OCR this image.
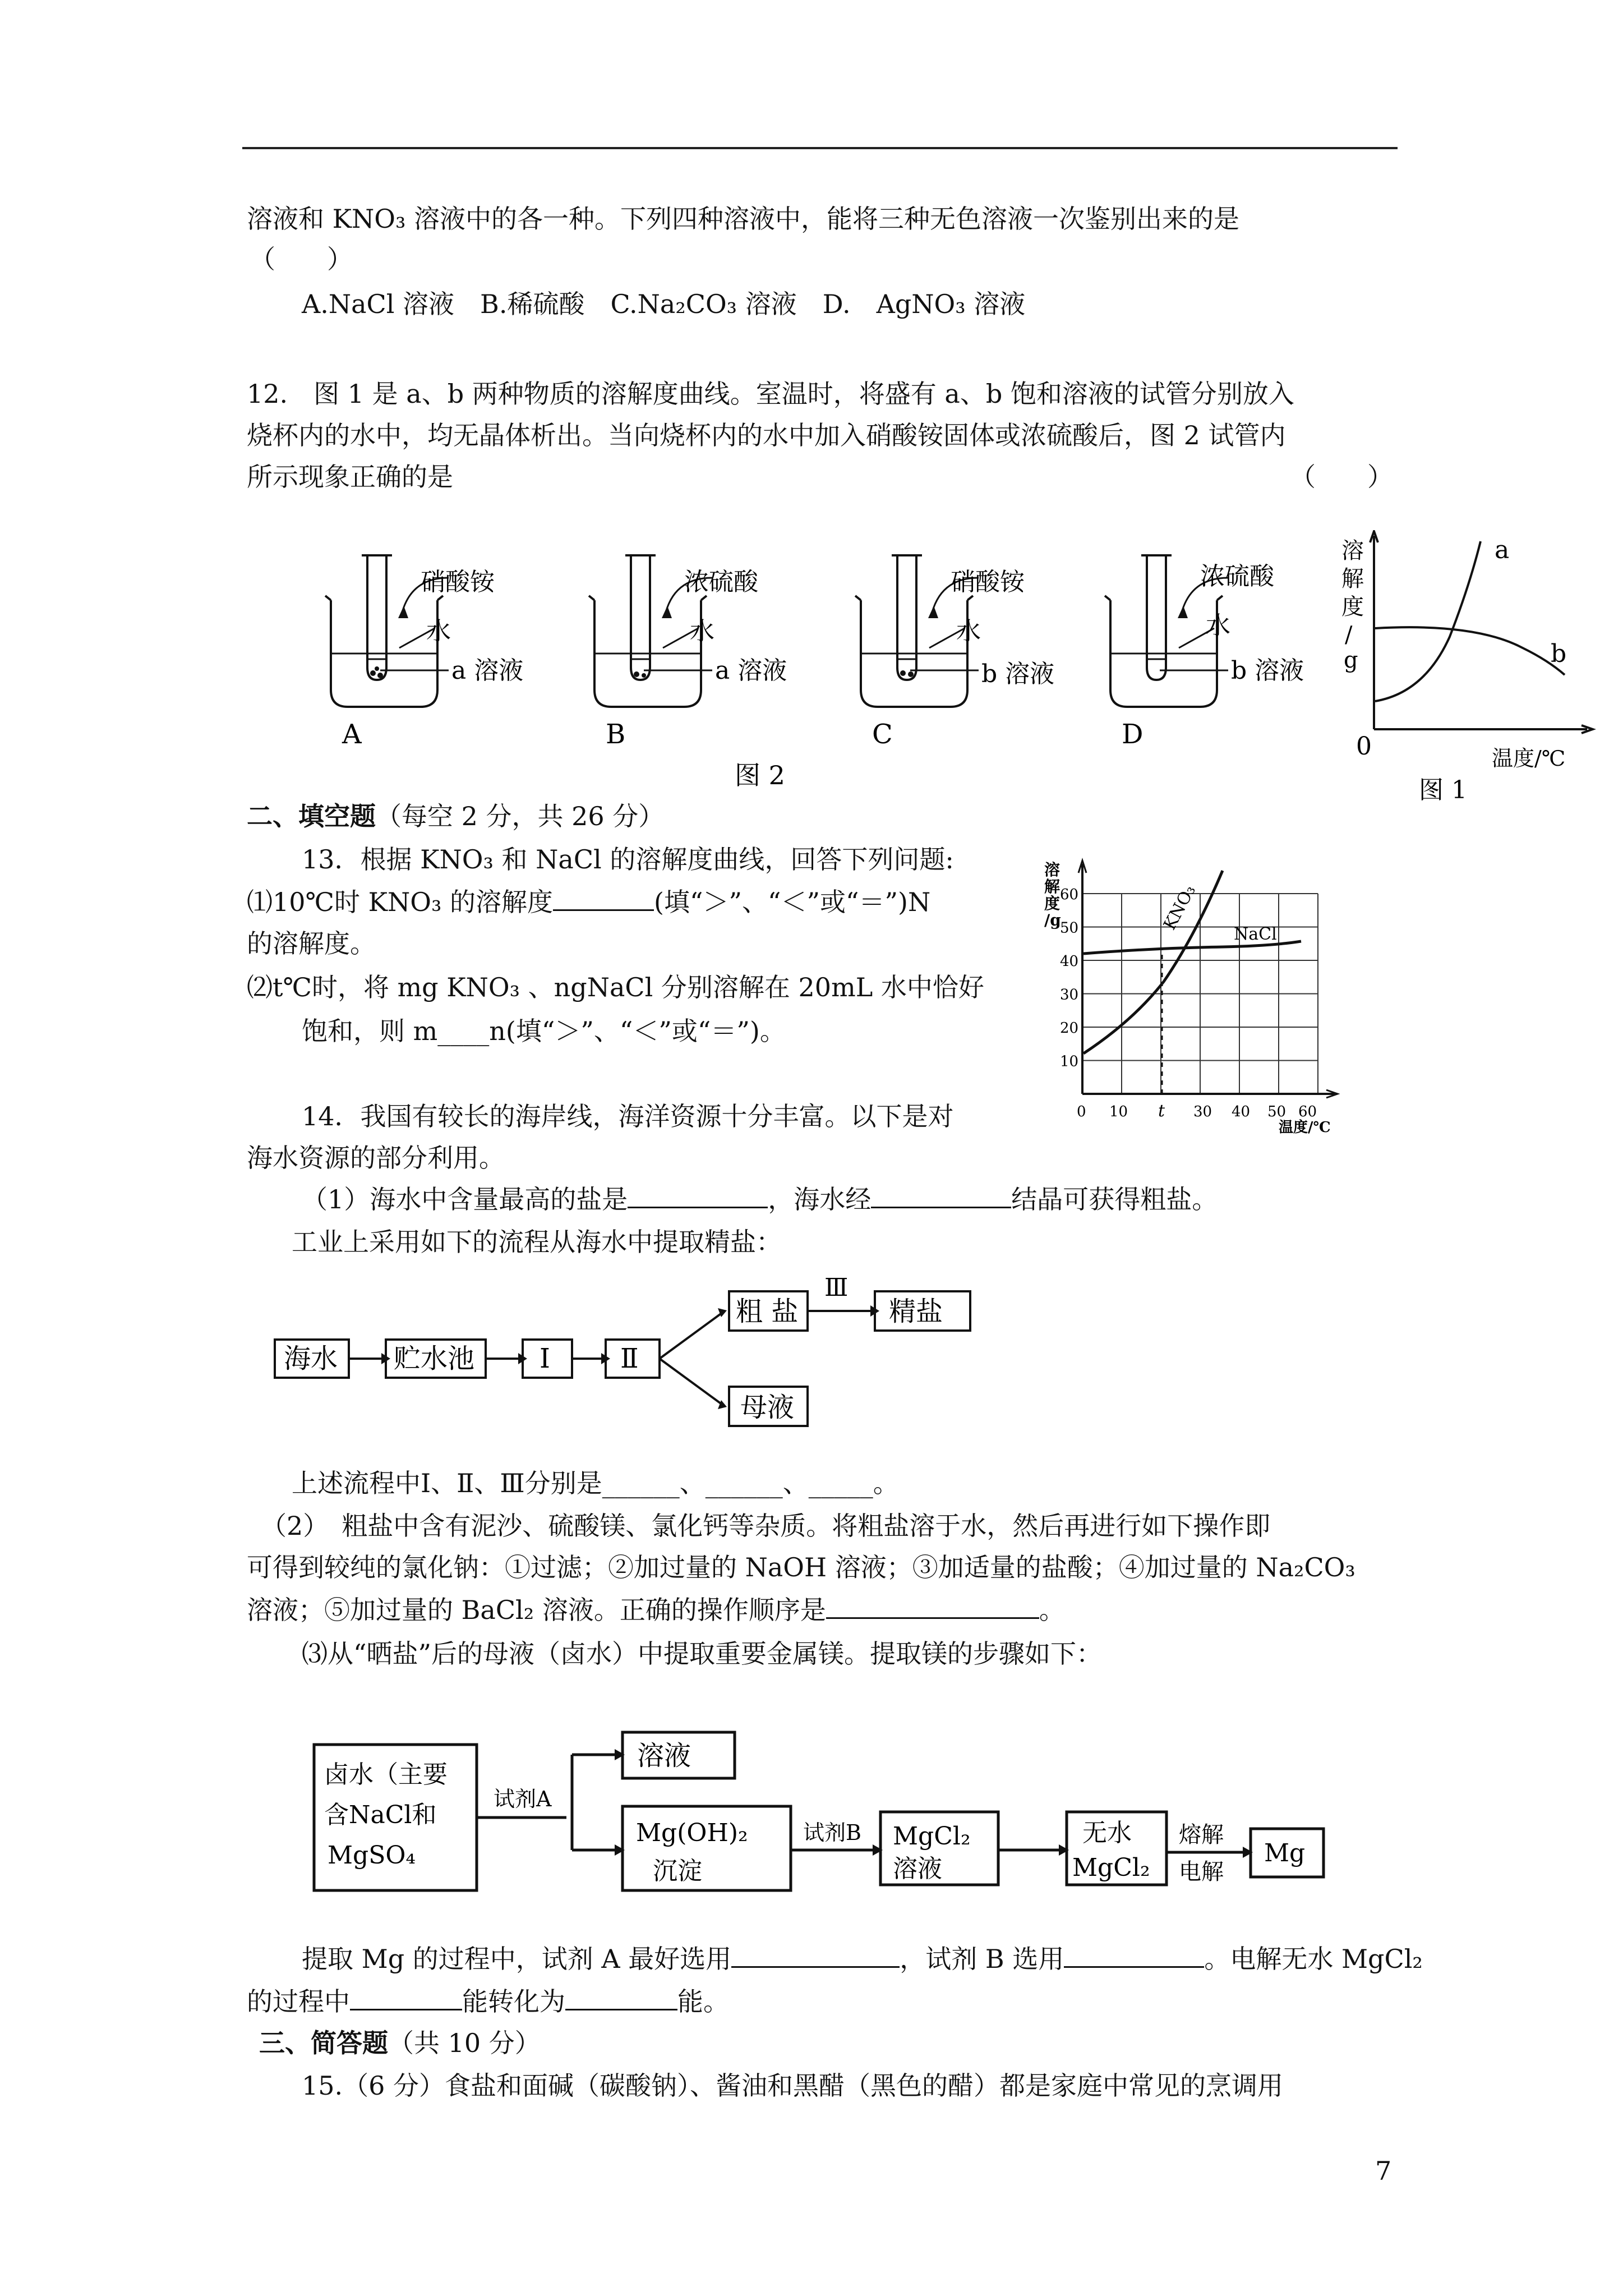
溶液和 KNO₃ 溶液中的各一种。下列四种溶液中，能将三种无色溶液一次鉴别出来的是
（　　）
A.NaCl 溶液　B.稀硫酸　C.Na₂CO₃ 溶液　D.　AgNO₃ 溶液
12.　图 1 是 a、b 两种物质的溶解度曲线。室温时，将盛有 a、b 饱和溶液的试管分别放入
烧杯内的水中，均无晶体析出。当向烧杯内的水中加入硝酸铵固体或浓硫酸后，图 2 试管内
所示现象正确的是	（　　）
硝酸铵
水
a 溶液
A
浓硫酸
水
a 溶液
B
硝酸铵
水
b 溶液
C
浓硫酸
水
b 溶液
D
图 2
溶
解
度
/
g
a
b
0	温度/℃
图 1
二、填空题（每空 2 分，共 26 分）
13．根据 KNO₃ 和 NaCl 的溶解度曲线，回答下列问题:
⑴10℃时 KNO₃ 的溶解度	(填“＞”、“＜”或“＝”)N
的溶解度。
⑵t℃时，将 mg KNO₃ 、ngNaCl 分别溶解在 20mL 水中恰好
饱和，则 m____n(填“＞”、“＜”或“＝”)。
10
20
30
40
50
60
0 10	30 40 50 60
溶
解
度
/g	KNO₃
NaCl
t
温度/℃
14．我国有较长的海岸线，海洋资源十分丰富。以下是对
海水资源的部分利用。
（1）海水中含量最高的盐是	，海水经	结晶可获得粗盐。
工业上采用如下的流程从海水中提取精盐：
海水 贮水池 Ⅰ	Ⅱ
粗 盐
Ⅲ
精盐
母液
上述流程中Ⅰ、Ⅱ、Ⅲ分别是______、______、_____。
（2）　粗盐中含有泥沙、硫酸镁、氯化钙等杂质。将粗盐溶于水，然后再进行如下操作即
可得到较纯的氯化钠：①过滤；②加过量的 NaOH 溶液；③加适量的盐酸；④加过量的 Na₂CO₃
溶液；⑤加过量的 BaCl₂ 溶液。正确的操作顺序是	。
⑶从“晒盐”后的母液（卤水）中提取重要金属镁。提取镁的步骤如下：
卤水（主要
含NaCl和
MgSO₄
试剂A
溶液
Mg(OH)₂
沉淀
试剂B MgCl₂
溶液
无水
MgCl₂
熔解
电解
Mg
提取 Mg 的过程中，试剂 A 最好选用	，试剂 B 选用	。电解无水 MgCl₂
的过程中	能转化为	能。
三、简答题（共 10 分）
15.（6 分）食盐和面碱（碳酸钠）、酱油和黑醋（黑色的醋）都是家庭中常见的烹调用
7
